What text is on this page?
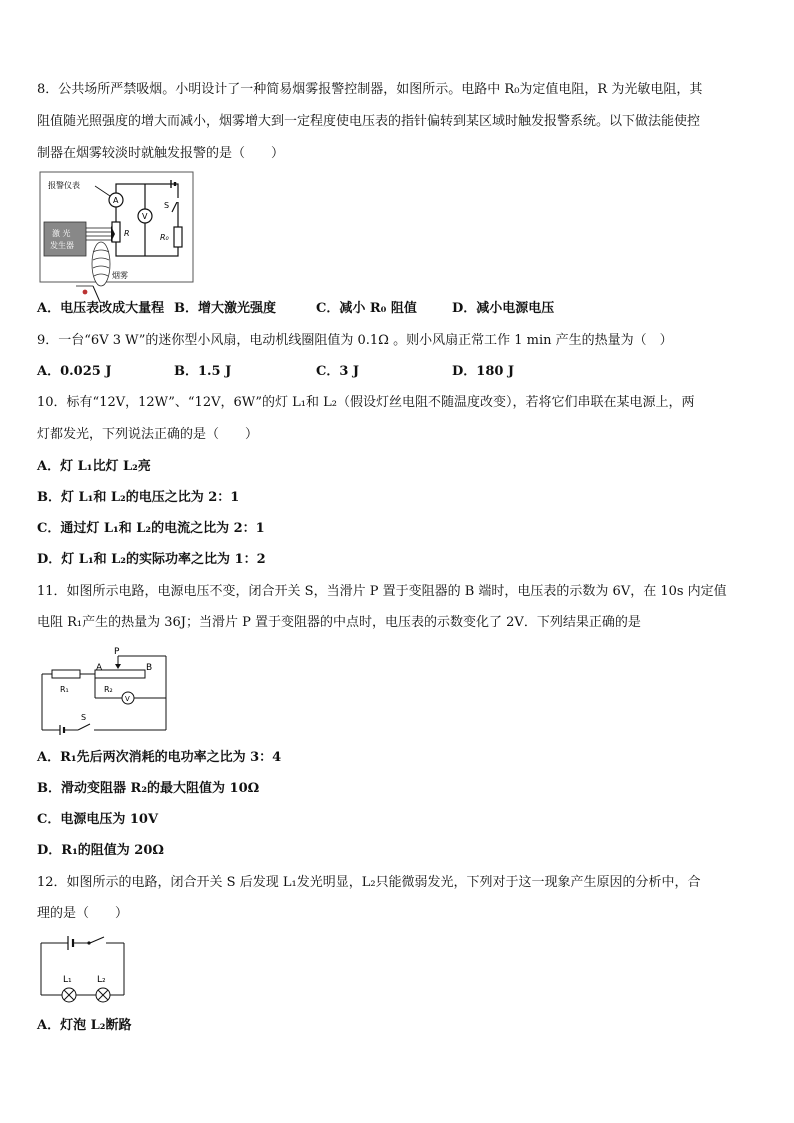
8．公共场所严禁吸烟。小明设计了一种简易烟雾报警控制器，如图所示。电路中 R₀为定值电阻，R 为光敏电阻，其
阻值随光照强度的增大而减小，烟雾增大到一定程度使电压表的指针偏转到某区域时触发报警系统。以下做法能使控
制器在烟雾较淡时就触发报警的是（　　）
报警仪表
A
V
S
R	R₀
激 光
发生器
烟雾
A．电压表改成大量程 B．增大激光强度	C．减小 R₀ 阻值	D．减小电源电压
9．一台“6V 3 W”的迷你型小风扇，电动机线圈阻值为 0.1Ω 。则小风扇正常工作 1 min 产生的热量为（　）
A．0.025 J	B．1.5 J	C．3 J	D．180 J
10．标有“12V，12W”、“12V，6W”的灯 L₁和 L₂（假设灯丝电阻不随温度改变），若将它们串联在某电源上，两
灯都发光，下列说法正确的是（　　）
A．灯 L₁比灯 L₂亮
B．灯 L₁和 L₂的电压之比为 2：1
C．通过灯 L₁和 L₂的电流之比为 2：1
D．灯 L₁和 L₂的实际功率之比为 1：2
11．如图所示电路，电源电压不变，闭合开关 S，当滑片 P 置于变阻器的 B 端时，电压表的示数为 6V，在 10s 内定值
电阻 R₁产生的热量为 36J；当滑片 P 置于变阻器的中点时，电压表的示数变化了 2V．下列结果正确的是
A
P
B
R₁	R₂
V
S
A．R₁先后两次消耗的电功率之比为 3：4
B．滑动变阻器 R₂的最大阻值为 10Ω
C．电源电压为 10V
D．R₁的阻值为 20Ω
12．如图所示的电路，闭合开关 S 后发现 L₁发光明显，L₂只能微弱发光，下列对于这一现象产生原因的分析中，合
理的是（　　）
L₁	L₂
A．灯泡 L₂断路
